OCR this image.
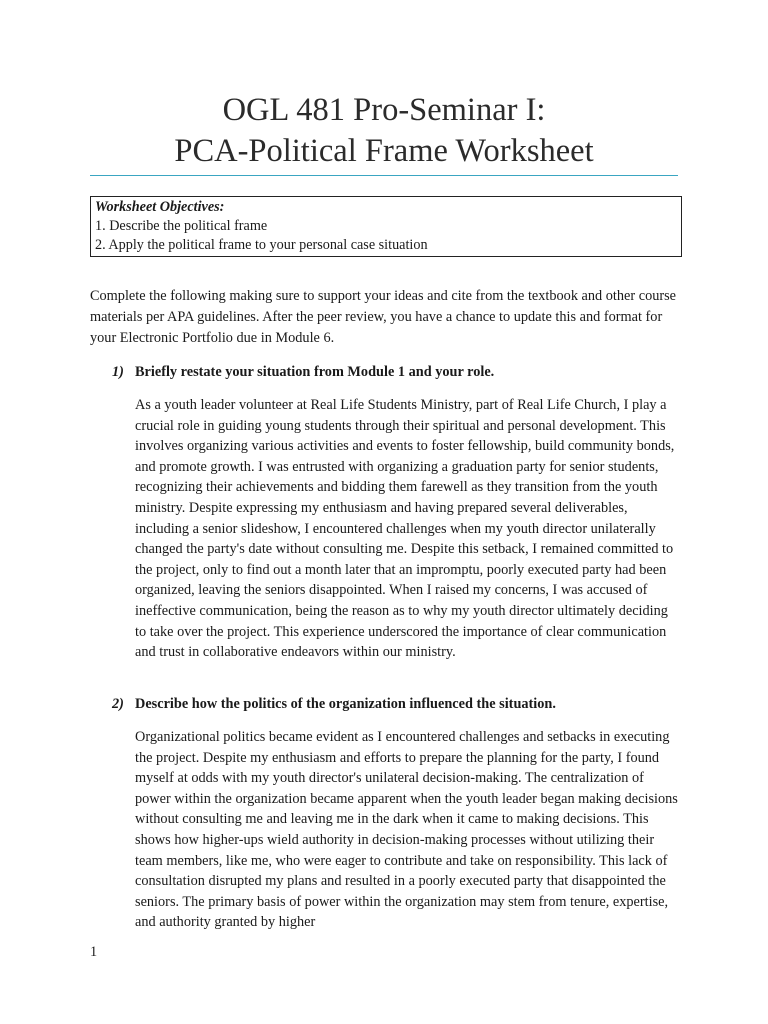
OGL 481 Pro-Seminar I:
PCA-Political Frame Worksheet
Worksheet Objectives:
1. Describe the political frame
2. Apply the political frame to your personal case situation
Complete the following making sure to support your ideas and cite from the textbook and other course materials per APA guidelines. After the peer review, you have a chance to update this and format for your Electronic Portfolio due in Module 6.
1) Briefly restate your situation from Module 1 and your role.
As a youth leader volunteer at Real Life Students Ministry, part of Real Life Church, I play a crucial role in guiding young students through their spiritual and personal development. This involves organizing various activities and events to foster fellowship, build community bonds, and promote growth. I was entrusted with organizing a graduation party for senior students, recognizing their achievements and bidding them farewell as they transition from the youth ministry. Despite expressing my enthusiasm and having prepared several deliverables, including a senior slideshow, I encountered challenges when my youth director unilaterally changed the party's date without consulting me. Despite this setback, I remained committed to the project, only to find out a month later that an impromptu, poorly executed party had been organized, leaving the seniors disappointed. When I raised my concerns, I was accused of ineffective communication, being the reason as to why my youth director ultimately deciding to take over the project. This experience underscored the importance of clear communication and trust in collaborative endeavors within our ministry.
2) Describe how the politics of the organization influenced the situation.
Organizational politics became evident as I encountered challenges and setbacks in executing the project. Despite my enthusiasm and efforts to prepare the planning for the party, I found myself at odds with my youth director's unilateral decision-making. The centralization of power within the organization became apparent when the youth leader began making decisions without consulting me and leaving me in the dark when it came to making decisions. This shows how higher-ups wield authority in decision-making processes without utilizing their team members, like me, who were eager to contribute and take on responsibility. This lack of consultation disrupted my plans and resulted in a poorly executed party that disappointed the seniors. The primary basis of power within the organization may stem from tenure, expertise, and authority granted by higher
1
